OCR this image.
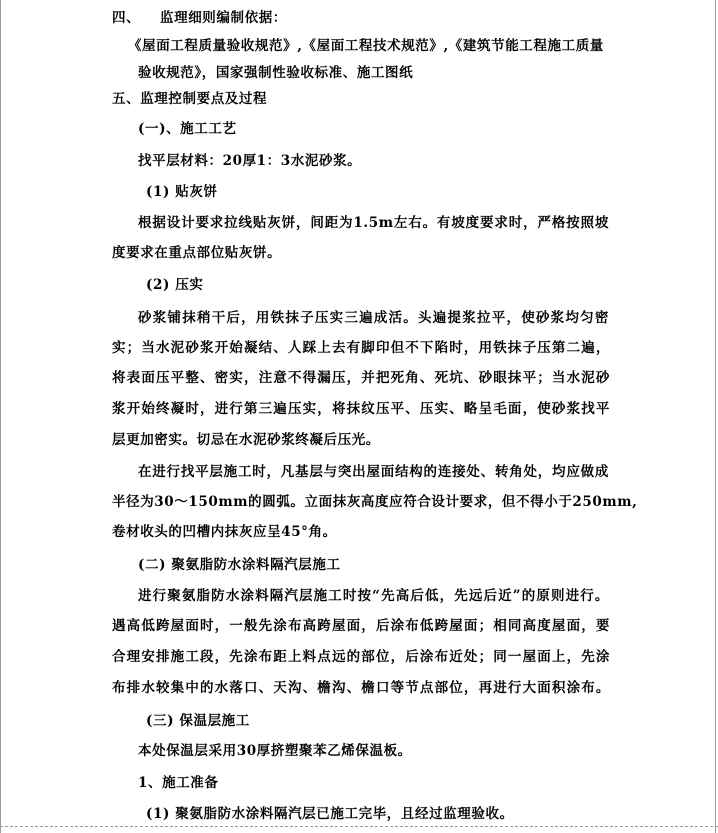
四、 监理细则编制依据：
《屋面工程质量验收规范》,《屋面工程技术规范》,《建筑节能工程施工质量
验收规范》，国家强制性验收标准、施工图纸
五、监理控制要点及过程
(一)、施工工艺
找平层材料：20厚1：3水泥砂浆。
(1) 贴灰饼
根据设计要求拉线贴灰饼，间距为1.5m左右。有坡度要求时，严格按照坡
度要求在重点部位贴灰饼。
(2) 压实
砂浆铺抹稍干后，用铁抹子压实三遍成活。头遍提浆拉平，使砂浆均匀密
实；当水泥砂浆开始凝结、人踩上去有脚印但不下陷时，用铁抹子压第二遍，
将表面压平整、密实，注意不得漏压，并把死角、死坑、砂眼抹平；当水泥砂
浆开始终凝时，进行第三遍压实，将抹纹压平、压实、略呈毛面，使砂浆找平
层更加密实。切忌在水泥砂浆终凝后压光。
在进行找平层施工时，凡基层与突出屋面结构的连接处、转角处，均应做成
半径为30～150mm的圆弧。立面抹灰高度应符合设计要求，但不得小于250mm,
卷材收头的凹槽内抹灰应呈45°角。
(二) 聚氨脂防水涂料隔汽层施工
进行聚氨脂防水涂料隔汽层施工时按“先高后低，先远后近”的原则进行。
遇高低跨屋面时，一般先涂布高跨屋面，后涂布低跨屋面；相同高度屋面，要
合理安排施工段，先涂布距上料点远的部位，后涂布近处；同一屋面上，先涂
布排水较集中的水落口、天沟、檐沟、檐口等节点部位，再进行大面积涂布。
(三) 保温层施工
本处保温层采用30厚挤塑聚苯乙烯保温板。
1、施工准备
(1) 聚氨脂防水涂料隔汽层已施工完毕，且经过监理验收。
